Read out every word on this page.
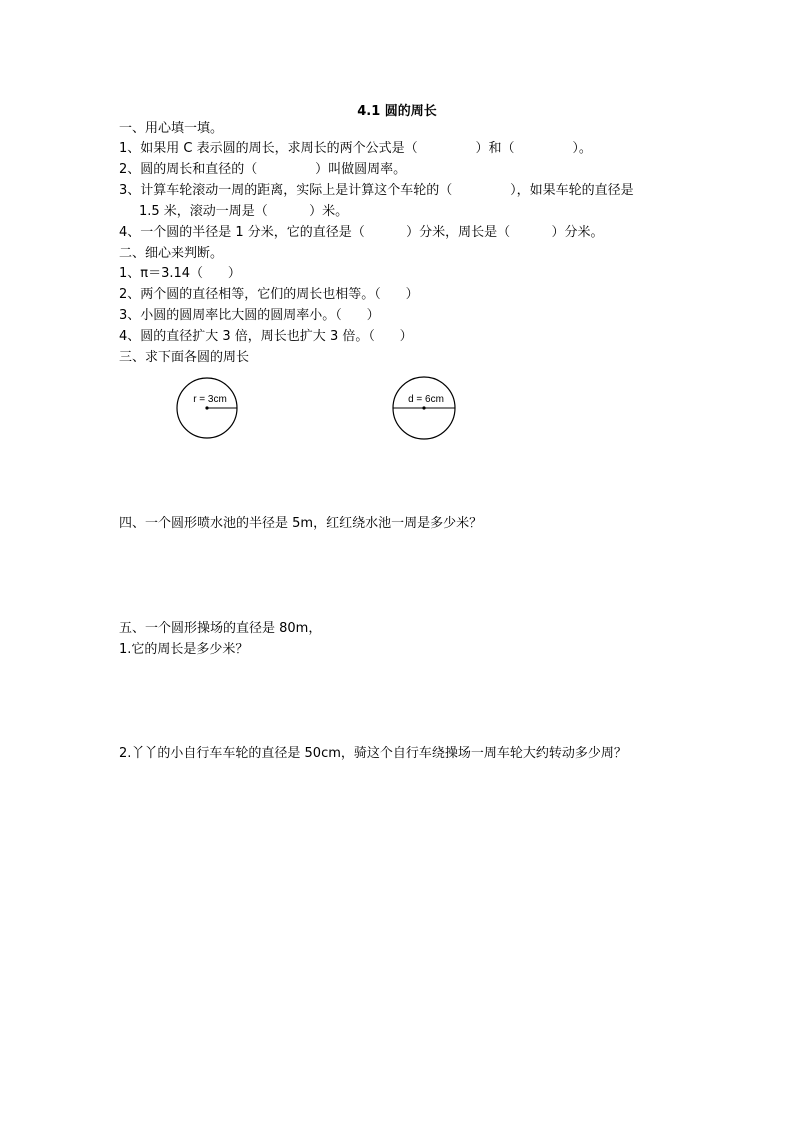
4.1 圆的周长
一、用心填一填。
1、如果用 C 表示圆的周长，求周长的两个公式是（              ）和（              ）。
2、圆的周长和直径的（              ）叫做圆周率。
3、计算车轮滚动一周的距离，实际上是计算这个车轮的（              ），如果车轮的直径是
1.5 米，滚动一周是（          ）米。
4、一个圆的半径是 1 分米，它的直径是（          ）分米，周长是（          ）分米。
二、细心来判断。
1、π＝3.14（      ）
2、两个圆的直径相等，它们的周长也相等。（      ）
3、小圆的圆周率比大圆的圆周率小。（      ）
4、圆的直径扩大 3 倍，周长也扩大 3 倍。（      ）
三、求下面各圆的周长
r = 3cm	d = 6cm
四、一个圆形喷水池的半径是 5m，红红绕水池一周是多少米？
五、一个圆形操场的直径是 80m，
1.它的周长是多少米？
2.丫丫的小自行车车轮的直径是 50cm，骑这个自行车绕操场一周车轮大约转动多少周？
